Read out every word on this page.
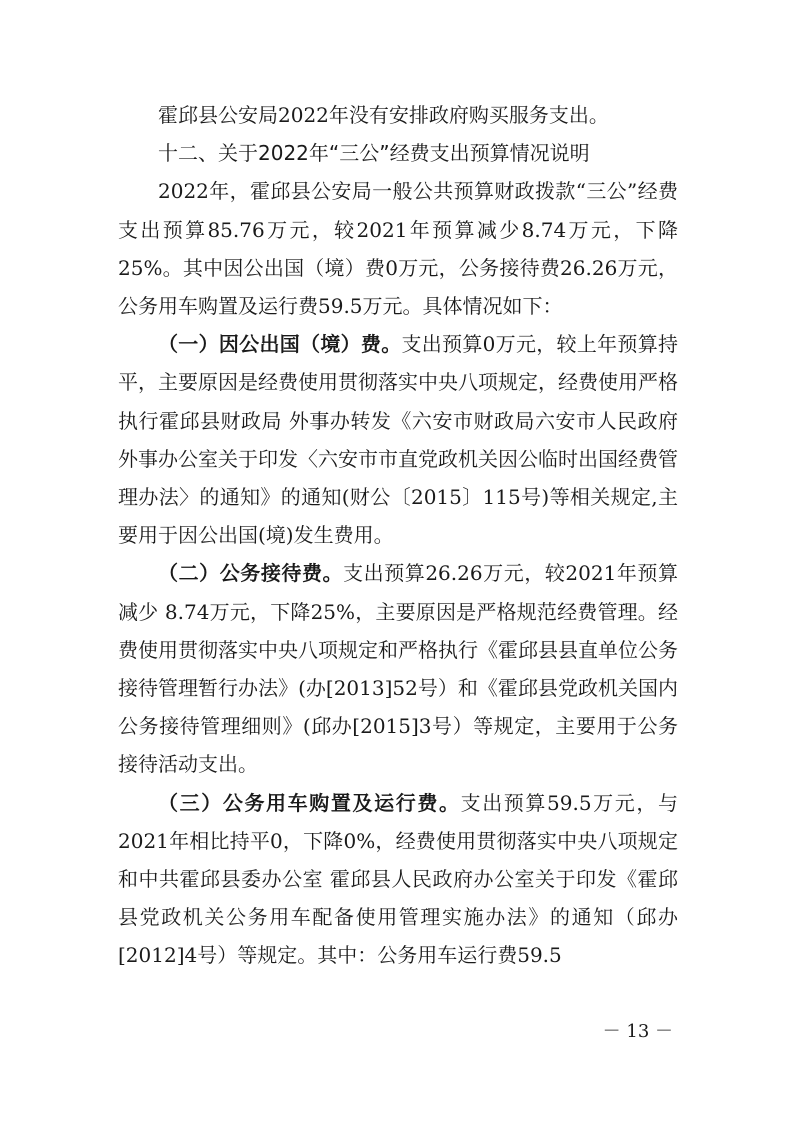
霍邱县公安局2022年没有安排政府购买服务支出。

十二、关于2022年“三公”经费支出预算情况说明

2022年，霍邱县公安局一般公共预算财政拨款“三公”经费支出预算85.76万元，较2021年预算减少8.74万元，下降25%。其中因公出国（境）费0万元，公务接待费26.26万元，公务用车购置及运行费59.5万元。具体情况如下：

（一）因公出国（境）费。支出预算0万元，较上年预算持平，主要原因是经费使用贯彻落实中央八项规定，经费使用严格执行霍邱县财政局 外事办转发《六安市财政局六安市人民政府外事办公室关于印发〈六安市市直党政机关因公临时出国经费管理办法〉的通知》的通知(财公〔2015〕115号)等相关规定,主要用于因公出国(境)发生费用。

（二）公务接待费。支出预算26.26万元，较2021年预算减少 8.74万元，下降25%，主要原因是严格规范经费管理。经费使用贯彻落实中央八项规定和严格执行《霍邱县县直单位公务接待管理暂行办法》(办[2013]52号）和《霍邱县党政机关国内公务接待管理细则》(邱办[2015]3号）等规定，主要用于公务接待活动支出。

（三）公务用车购置及运行费。支出预算59.5万元，与2021年相比持平0，下降0%，经费使用贯彻落实中央八项规定和中共霍邱县委办公室 霍邱县人民政府办公室关于印发《霍邱县党政机关公务用车配备使用管理实施办法》的通知（邱办[2012]4号）等规定。其中：公务用车运行费59.5

－ 13 －
